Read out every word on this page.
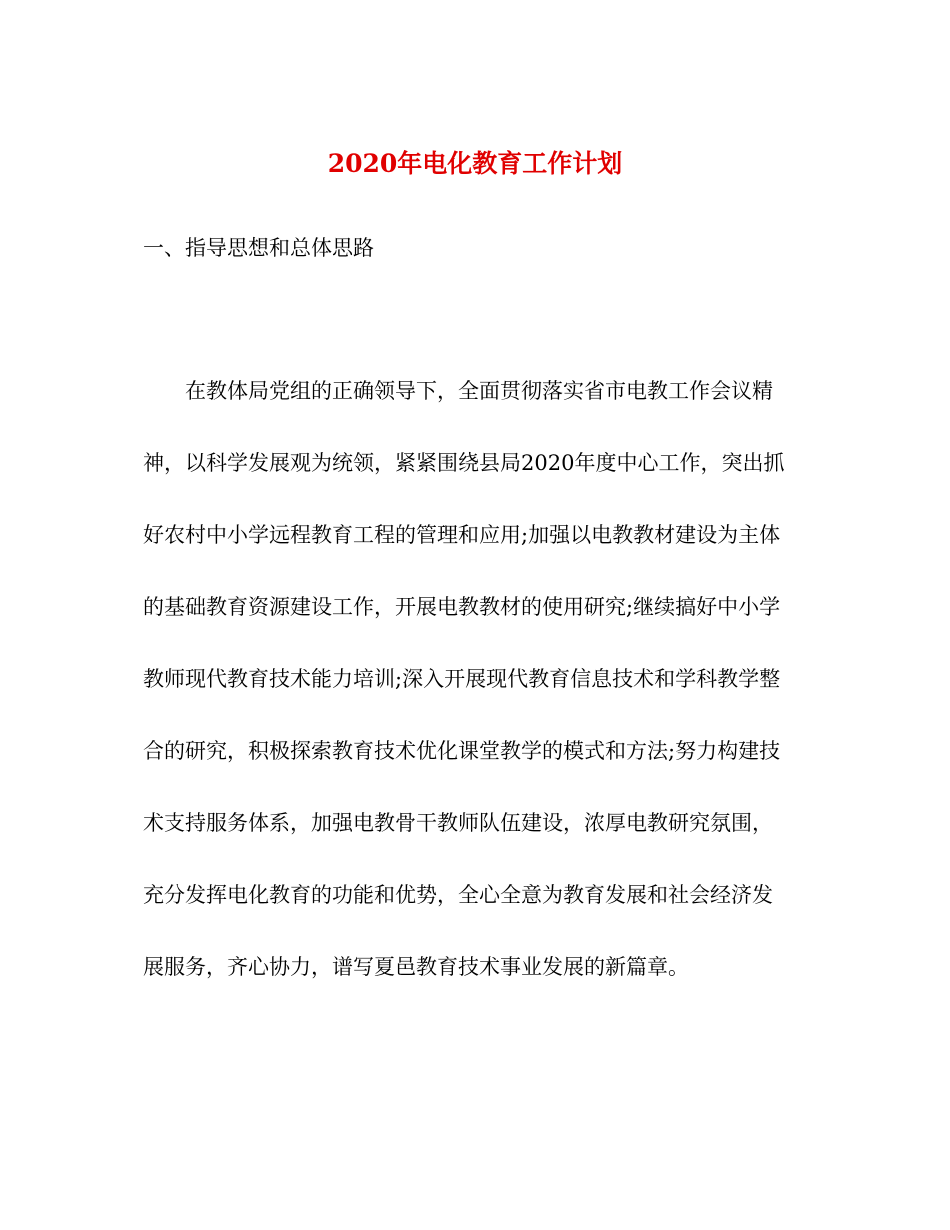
2020年电化教育工作计划
一、指导思想和总体思路
在教体局党组的正确领导下，全面贯彻落实省市电教工作会议精
神，以科学发展观为统领，紧紧围绕县局2020年度中心工作，突出抓
好农村中小学远程教育工程的管理和应用;加强以电教教材建设为主体
的基础教育资源建设工作，开展电教教材的使用研究;继续搞好中小学
教师现代教育技术能力培训;深入开展现代教育信息技术和学科教学整
合的研究，积极探索教育技术优化课堂教学的模式和方法;努力构建技
术支持服务体系，加强电教骨干教师队伍建设，浓厚电教研究氛围，
充分发挥电化教育的功能和优势，全心全意为教育发展和社会经济发
展服务，齐心协力，谱写夏邑教育技术事业发展的新篇章。
